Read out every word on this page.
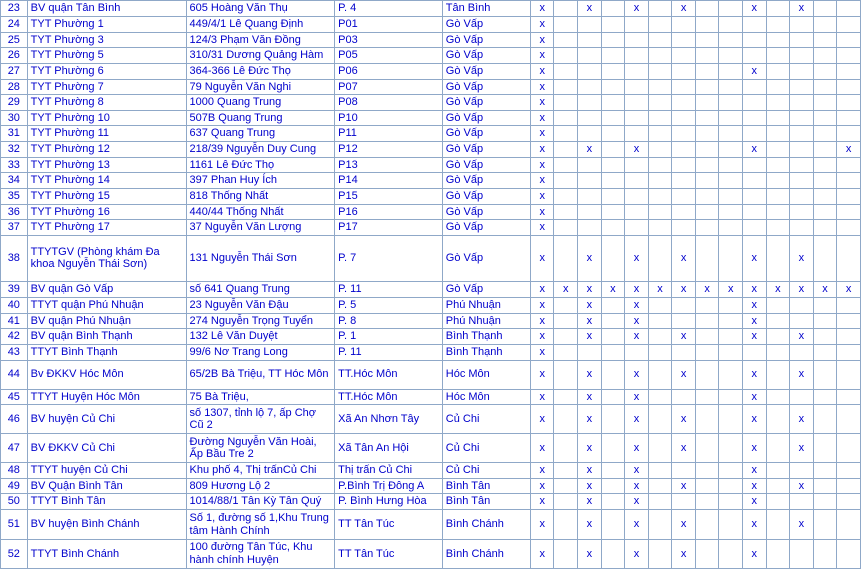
23	BV quận Tân Bình	605 Hoàng Văn Thụ	P. 4	Tân Bình	x		x		x		x			x		x		
24	TYT Phường 1	449/4/1 Lê Quang Định	P01	Gò Vấp	x													
25	TYT Phường 3	124/3 Phạm Văn Đồng	P03	Gò Vấp	x													
26	TYT Phường 5	310/31 Dương Quảng Hàm	P05	Gò Vấp	x													
27	TYT Phường 6	364-366 Lê Đức Thọ	P06	Gò Vấp	x									x				
28	TYT Phường 7	79 Nguyễn Văn Nghi	P07	Gò Vấp	x													
29	TYT Phường 8	1000 Quang Trung	P08	Gò Vấp	x													
30	TYT Phường 10	507B Quang Trung	P10	Gò Vấp	x													
31	TYT Phường 11	637 Quang Trung	P11	Gò Vấp	x													
32	TYT Phường 12	218/39 Nguyễn Duy Cung	P12	Gò Vấp	x		x		x					x				x
33	TYT Phường 13	1161 Lê Đức Thọ	P13	Gò Vấp	x													
34	TYT Phường 14	397 Phan Huy Ích	P14	Gò Vấp	x													
35	TYT Phường 15	818 Thống Nhất	P15	Gò Vấp	x													
36	TYT Phường 16	440/44 Thống Nhất	P16	Gò Vấp	x													
37	TYT Phường 17	37 Nguyễn Văn Lượng	P17	Gò Vấp	x													
38	TTYTGV (Phòng khám Đa khoa Nguyễn Thái Sơn)	131 Nguyễn Thái Sơn	P. 7	Gò Vấp	x		x		x		x			x		x		
39	BV quận Gò Vấp	số 641 Quang Trung	P. 11	Gò Vấp	x	x	x	x	x	x	x	x	x	x	x	x	x	x
40	TTYT quận Phú Nhuận	23 Nguyễn Văn Đậu	P. 5	Phú Nhuận	x		x		x					x				
41	BV quận Phú Nhuận	274 Nguyễn Trọng Tuyển	P. 8	Phú Nhuận	x		x		x					x				
42	BV quận Bình Thạnh	132 Lê Văn Duyệt	P. 1	Bình Thạnh	x		x		x		x			x		x		
43	TTYT Bình Thạnh	99/6 Nơ Trang Long	P. 11	Bình Thạnh	x													
44	Bv ĐKKV Hóc Môn	65/2B Bà Triệu, TT Hóc Môn	TT.Hóc Môn	Hóc Môn	x		x		x		x			x		x		
45	TTYT Huyện Hóc Môn	75 Bà Triệu,	TT.Hóc Môn	Hóc Môn	x		x		x					x				
46	BV huyện Củ Chi	số 1307, tỉnh lộ 7, ấp Chợ Cũ 2	Xã An Nhơn Tây	Củ Chi	x		x		x		x			x		x		
47	BV ĐKKV Củ Chi	Đường Nguyễn Văn Hoài, Ấp Bầu Tre 2	Xã Tân An Hội	Củ Chi	x		x		x		x			x		x		
48	TTYT huyện Củ Chi	Khu phố 4, Thị trấnCủ Chi	Thị trấn Củ Chi	Củ Chi	x		x		x					x				
49	BV Quận Bình Tân	809 Hương Lộ 2	P.Bình Trị Đông A	Bình Tân	x		x		x		x			x		x		
50	TTYT Bình Tân	1014/88/1 Tân Kỳ Tân Quý	P. Bình Hưng Hòa	Bình Tân	x		x		x					x				
51	BV huyện Bình Chánh	Số 1, đường số 1,Khu Trung tâm Hành Chính	TT Tân Túc	Bình Chánh	x		x		x		x			x		x		
52	TTYT Bình Chánh	100 đường Tân Túc, Khu hành chính Huyện	TT Tân Túc	Bình Chánh	x		x		x		x			x				
